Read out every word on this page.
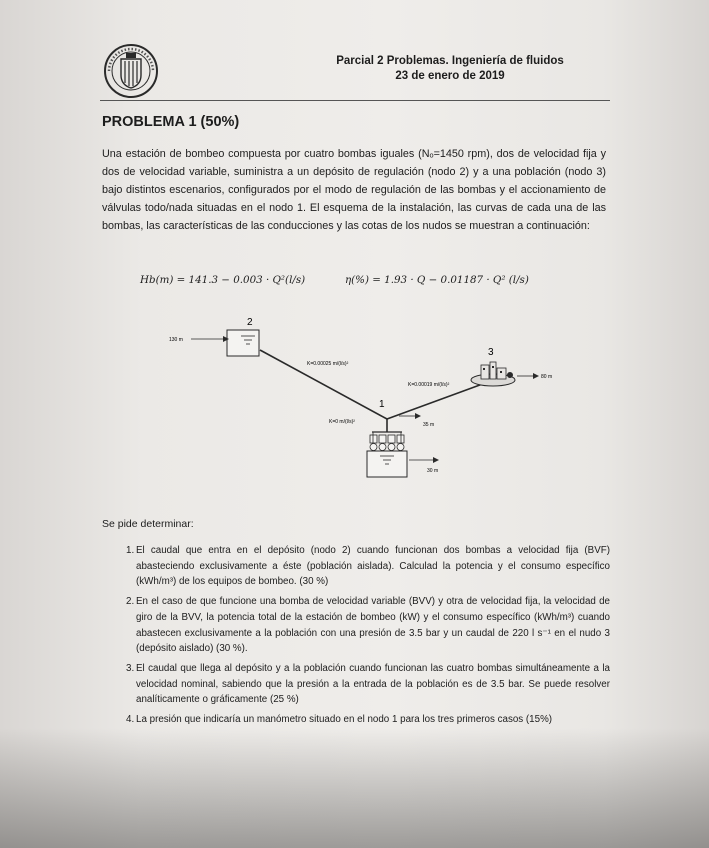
Parcial 2 Problemas. Ingeniería de fluidos
23 de enero de 2019
PROBLEMA 1 (50%)
Una estación de bombeo compuesta por cuatro bombas iguales (Nₒ=1450 rpm), dos de velocidad fija y dos de velocidad variable, suministra a un depósito de regulación (nodo 2) y a una población (nodo 3) bajo distintos escenarios, configurados por el modo de regulación de las bombas y el accionamiento de válvulas todo/nada situadas en el nodo 1. El esquema de la instalación, las curvas de cada una de las bombas, las características de las conducciones y las cotas de los nudos se muestran a continuación:
Hb(m) = 141.3 − 0.003 · Q²(l/s)	η(%) = 1.93 · Q − 0.01187 · Q² (l/s)
2
130 m
3
80 m
1
35 m
K=0.00025 m/(l/s)²
K=0.00019 m/(l/s)²
K=0 m/(l/s)²
30 m
Se pide determinar:
1. El caudal que entra en el depósito (nodo 2) cuando funcionan dos bombas a velocidad fija (BVF) abasteciendo exclusivamente a éste (población aislada). Calculad la potencia y el consumo específico (kWh/m³) de los equipos de bombeo. (30 %)
2. En el caso de que funcione una bomba de velocidad variable (BVV) y otra de velocidad fija, la velocidad de giro de la BVV, la potencia total de la estación de bombeo (kW) y el consumo específico (kWh/m³) cuando abastecen exclusivamente a la población con una presión de 3.5 bar y un caudal de 220 l s⁻¹ en el nudo 3 (depósito aislado) (30 %).
3. El caudal que llega al depósito y a la población cuando funcionan las cuatro bombas simultáneamente a la velocidad nominal, sabiendo que la presión a la entrada de la población es de 3.5 bar. Se puede resolver analíticamente o gráficamente (25 %)
4. La presión que indicaría un manómetro situado en el nodo 1 para los tres primeros casos (15%)
